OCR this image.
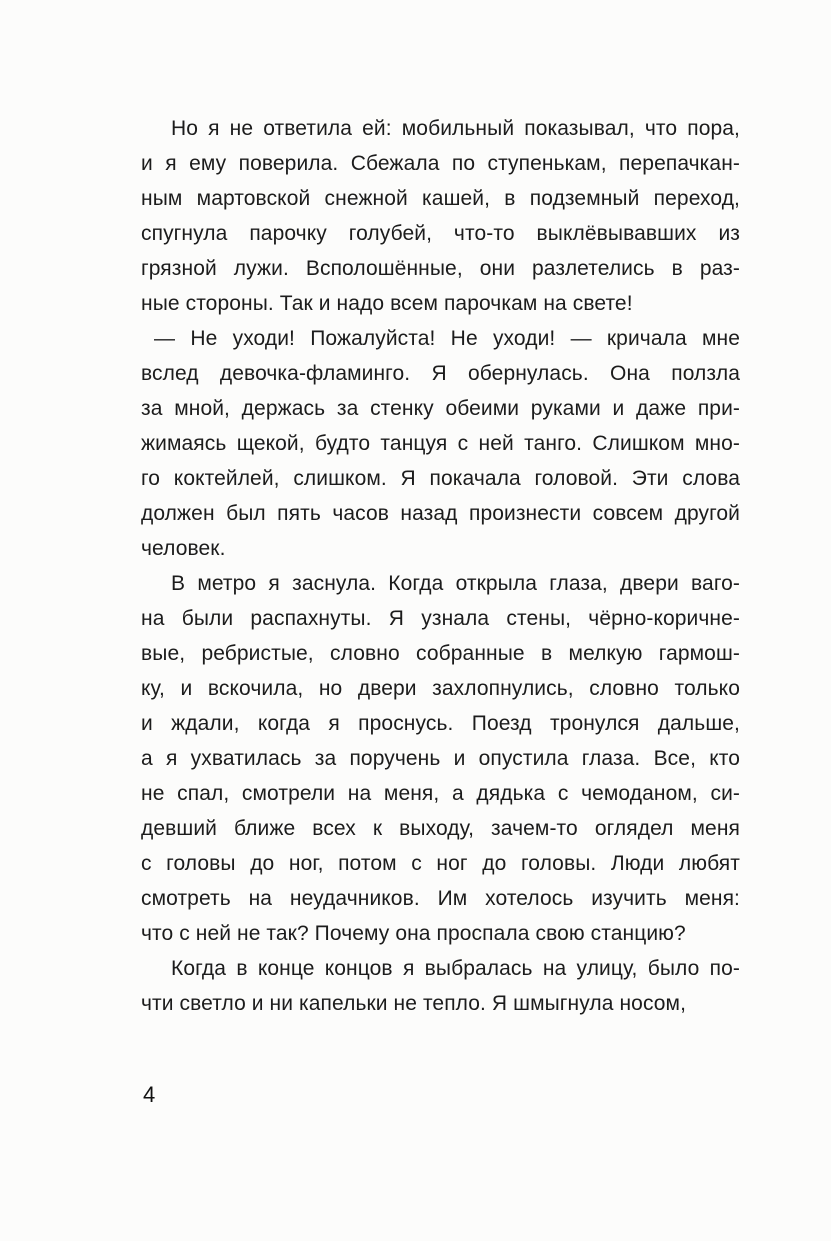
Но я не ответила ей: мобильный показывал, что пора,
и я ему поверила. Сбежала по ступенькам, перепачкан-
ным мартовской снежной кашей, в подземный переход,
спугнула парочку голубей, что-то выклёвывавших из
грязной лужи. Всполошённые, они разлетелись в раз-
ные стороны. Так и надо всем парочкам на свете!
— Не уходи! Пожалуйста! Не уходи! — кричала мне
вслед девочка-фламинго. Я обернулась. Она ползла
за мной, держась за стенку обеими руками и даже при-
жимаясь щекой, будто танцуя с ней танго. Слишком мно-
го коктейлей, слишком. Я покачала головой. Эти слова
должен был пять часов назад произнести совсем другой
человек.
В метро я заснула. Когда открыла глаза, двери ваго-
на были распахнуты. Я узнала стены, чёрно-коричне-
вые, ребристые, словно собранные в мелкую гармош-
ку, и вскочила, но двери захлопнулись, словно только
и ждали, когда я проснусь. Поезд тронулся дальше,
а я ухватилась за поручень и опустила глаза. Все, кто
не спал, смотрели на меня, а дядька с чемоданом, си-
девший ближе всех к выходу, зачем-то оглядел меня
с головы до ног, потом с ног до головы. Люди любят
смотреть на неудачников. Им хотелось изучить меня:
что с ней не так? Почему она проспала свою станцию?
Когда в конце концов я выбралась на улицу, было по-
чти светло и ни капельки не тепло. Я шмыгнула носом,
4
